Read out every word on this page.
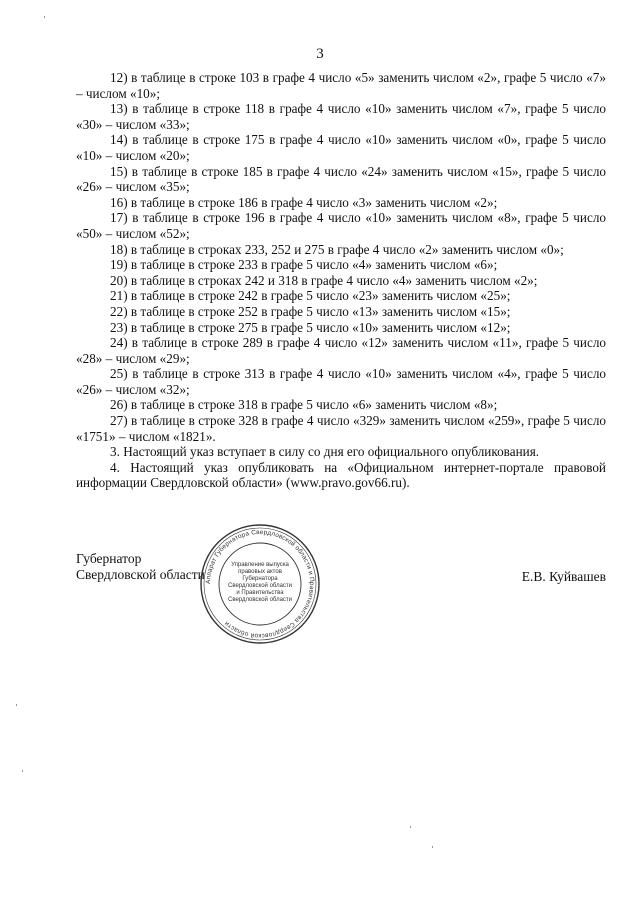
3

12) в таблице в строке 103 в графе 4 число «5» заменить числом «2», графе 5 число «7» – числом «10»;

13) в таблице в строке 118 в графе 4 число «10» заменить числом «7», графе 5 число «30» – числом «33»;

14) в таблице в строке 175 в графе 4 число «10» заменить числом «0», графе 5 число «10» – числом «20»;

15) в таблице в строке 185 в графе 4 число «24» заменить числом «15», графе 5 число «26» – числом «35»;

16) в таблице в строке 186 в графе 4 число «3» заменить числом «2»;

17) в таблице в строке 196 в графе 4 число «10» заменить числом «8», графе 5 число «50» – числом «52»;

18) в таблице в строках 233, 252 и 275 в графе 4 число «2» заменить числом «0»;

19) в таблице в строке 233 в графе 5 число «4» заменить числом «6»;

20) в таблице в строках 242 и 318 в графе 4 число «4» заменить числом «2»;

21) в таблице в строке 242 в графе 5 число «23» заменить числом «25»;

22) в таблице в строке 252 в графе 5 число «13» заменить числом «15»;

23) в таблице в строке 275 в графе 5 число «10» заменить числом «12»;

24) в таблице в строке 289 в графе 4 число «12» заменить числом «11», графе 5 число «28» – числом «29»;

25) в таблице в строке 313 в графе 4 число «10» заменить числом «4», графе 5 число «26» – числом «32»;

26) в таблице в строке 318 в графе 5 число «6» заменить числом «8»;

27) в таблице в строке 328 в графе 4 число «329» заменить числом «259», графе 5 число «1751» – числом «1821».

3. Настоящий указ вступает в силу со дня его официального опубликования.

4. Настоящий указ опубликовать на «Официальном интернет-портале правовой информации Свердловской области» (www.pravo.gov66.ru).

Губернатор
Свердловской области	Е.В. Куйвашев
Аппарат Губернатора Свердловской области и Правительства Свердловской области
Управление выпуска правовых актов Губернатора Свердловской области и Правительства Свердловской области
